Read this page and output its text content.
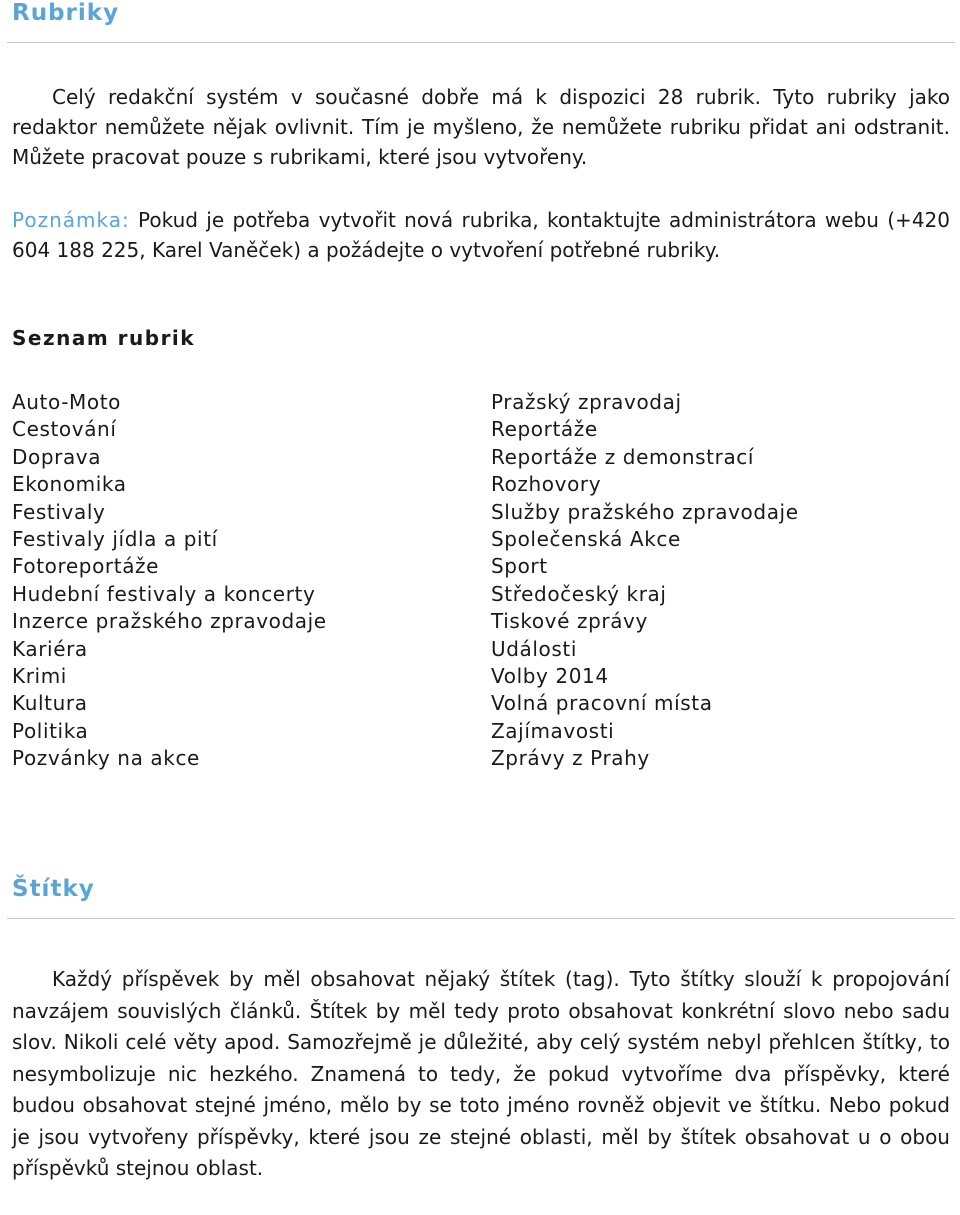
Rubriky

Celý redakční systém v současné dobře má k dispozici 28 rubrik. Tyto rubriky jako redaktor nemůžete nějak ovlivnit. Tím je myšleno, že nemůžete rubriku přidat ani odstranit. Můžete pracovat pouze s rubrikami, které jsou vytvořeny.

Poznámka: Pokud je potřeba vytvořit nová rubrika, kontaktujte administrátora webu (+420 604 188 225, Karel Vaněček) a požádejte o vytvoření potřebné rubriky.

Seznam rubrik
Auto-Moto
Cestování
Doprava
Ekonomika
Festivaly
Festivaly jídla a pití
Fotoreportáže
Hudební festivaly a koncerty
Inzerce pražského zpravodaje
Kariéra
Krimi
Kultura
Politika
Pozvánky na akce
Pražský zpravodaj
Reportáže
Reportáže z demonstrací
Rozhovory
Služby pražského zpravodaje
Společenská Akce
Sport
Středočeský kraj
Tiskové zprávy
Události
Volby 2014
Volná pracovní místa
Zajímavosti
Zprávy z Prahy
Štítky

Každý příspěvek by měl obsahovat nějaký štítek (tag). Tyto štítky slouží k propojování navzájem souvislých článků. Štítek by měl tedy proto obsahovat konkrétní slovo nebo sadu slov. Nikoli celé věty apod. Samozřejmě je důležité, aby celý systém nebyl přehlcen štítky, to nesymbolizuje nic hezkého. Znamená to tedy, že pokud vytvoříme dva příspěvky, které budou obsahovat stejné jméno, mělo by se toto jméno rovněž objevit ve štítku. Nebo pokud je jsou vytvořeny příspěvky, které jsou ze stejné oblasti, měl by štítek obsahovat u o obou příspěvků stejnou oblast.
